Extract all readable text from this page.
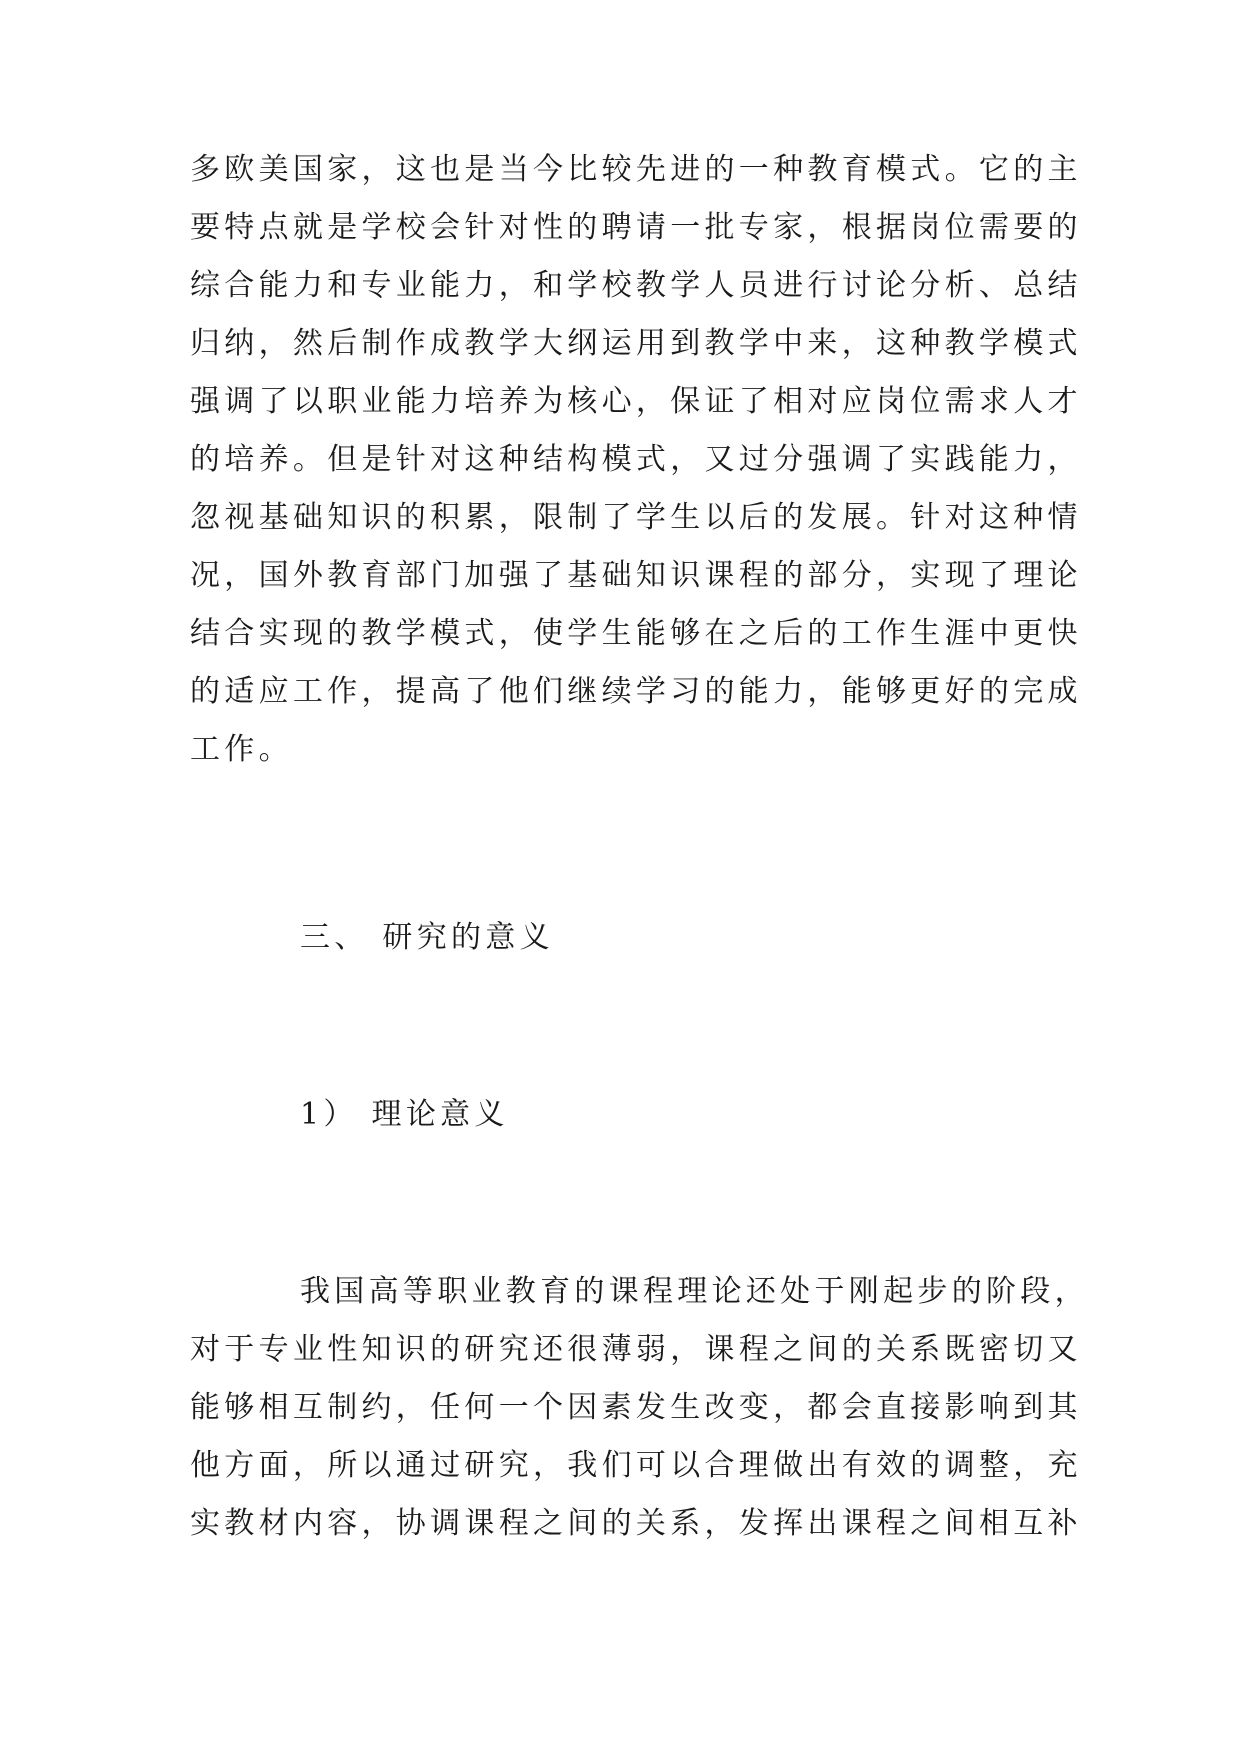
多欧美国家，这也是当今比较先进的一种教育模式。它的主
要特点就是学校会针对性的聘请一批专家，根据岗位需要的
综合能力和专业能力，和学校教学人员进行讨论分析、总结
归纳，然后制作成教学大纲运用到教学中来，这种教学模式
强调了以职业能力培养为核心，保证了相对应岗位需求人才
的培养。但是针对这种结构模式，又过分强调了实践能力，
忽视基础知识的积累，限制了学生以后的发展。针对这种情
况，国外教育部门加强了基础知识课程的部分，实现了理论
结合实现的教学模式，使学生能够在之后的工作生涯中更快
的适应工作，提高了他们继续学习的能力，能够更好的完成
工作。
三、 研究的意义
1） 理论意义
我国高等职业教育的课程理论还处于刚起步的阶段，
对于专业性知识的研究还很薄弱，课程之间的关系既密切又
能够相互制约，任何一个因素发生改变，都会直接影响到其
他方面，所以通过研究，我们可以合理做出有效的调整，充
实教材内容，协调课程之间的关系，发挥出课程之间相互补
